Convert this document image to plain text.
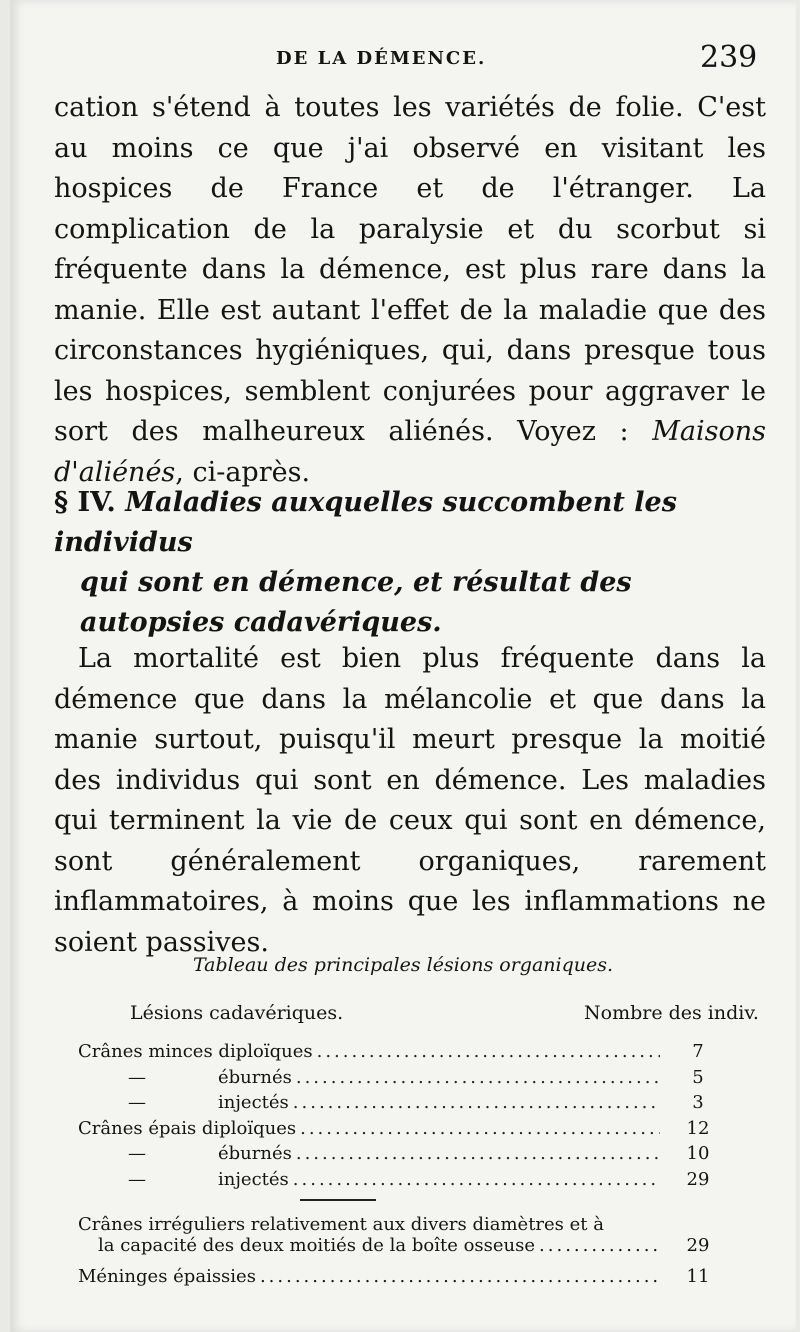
DE LA DÉMENCE.	239
cation s'étend à toutes les variétés de folie. C'est au moins ce que j'ai observé en visitant les hospices de France et de l'étranger. La complication de la paralysie et du scorbut si fréquente dans la démence, est plus rare dans la manie. Elle est autant l'effet de la maladie que des circonstances hygiéniques, qui, dans presque tous les hospices, semblent conjurées pour aggraver le sort des malheureux aliénés. Voyez : Maisons d'aliénés, ci-après.
§ IV. Maladies auxquelles succombent les individus
qui sont en démence, et résultat des autopsies cadavériques.
La mortalité est bien plus fréquente dans la démence que dans la mélancolie et que dans la manie surtout, puisqu'il meurt presque la moitié des individus qui sont en démence. Les maladies qui terminent la vie de ceux qui sont en démence, sont généralement organiques, rarement inflammatoires, à moins que les inflammations ne soient passives.
Tableau des principales lésions organiques.
Lésions cadavériques.	Nombre des indiv.
Crânes minces diploïques .....	7
—	éburnés .....	5
—	injectés .....	3
Crânes épais diploïques .....	12
—	éburnés .....	10
—	injectés .....	29
Crânes irréguliers relativement aux divers diamètres et à
la capacité des deux moitiés de la boîte osseuse .....	29
Méninges épaissies .....	11
